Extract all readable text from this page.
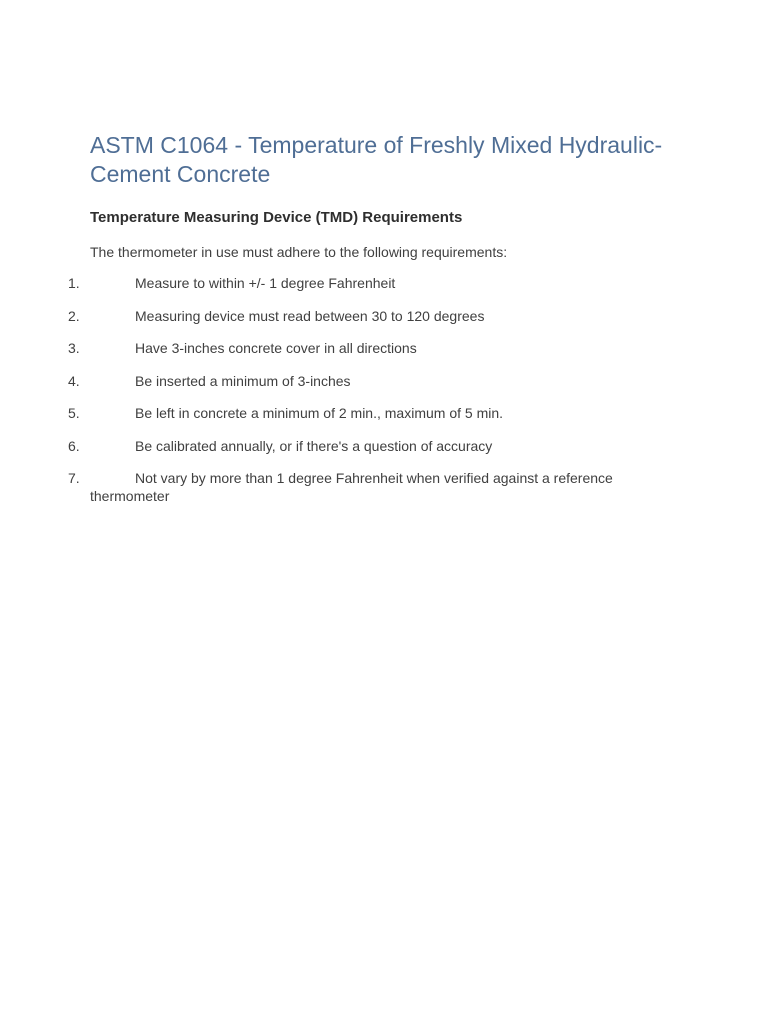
ASTM C1064 - Temperature of Freshly Mixed Hydraulic-Cement Concrete
Temperature Measuring Device (TMD) Requirements

The thermometer in use must adhere to the following requirements:

1.	Measure to within +/- 1 degree Fahrenheit
2.	Measuring device must read between 30 to 120 degrees
3.	Have 3-inches concrete cover in all directions
4.	Be inserted a minimum of 3-inches
5.	Be left in concrete a minimum of 2 min., maximum of 5 min.
6.	Be calibrated annually, or if there's a question of accuracy
7.	Not vary by more than 1 degree Fahrenheit when verified against a reference thermometer
